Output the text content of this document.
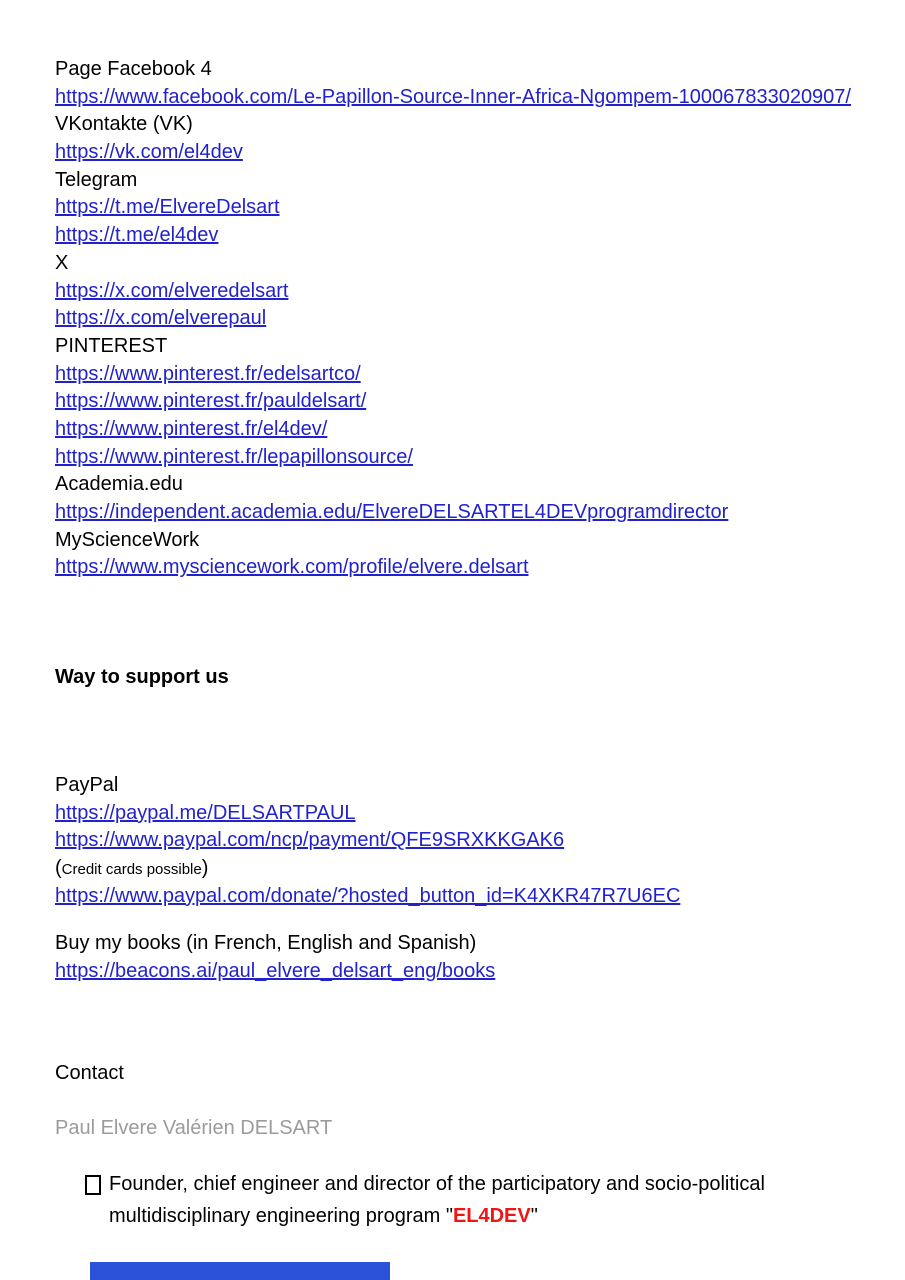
Page Facebook 4
https://www.facebook.com/Le-Papillon-Source-Inner-Africa-Ngompem-100067833020907/
VKontakte (VK)
https://vk.com/el4dev
Telegram
https://t.me/ElvereDelsart
https://t.me/el4dev
X
https://x.com/elveredelsart
https://x.com/elverepaul
PINTEREST
https://www.pinterest.fr/edelsartco/
https://www.pinterest.fr/pauldelsart/
https://www.pinterest.fr/el4dev/
https://www.pinterest.fr/lepapillonsource/
Academia.edu
https://independent.academia.edu/ElvereDELSARTEL4DEVprogramdirector
MyScienceWork
https://www.mysciencework.com/profile/elvere.delsart
Way to support us
PayPal
https://paypal.me/DELSARTPAUL
https://www.paypal.com/ncp/payment/QFE9SRXKKGAK6
(Credit cards possible)
https://www.paypal.com/donate/?hosted_button_id=K4XKR47R7U6EC
Buy my books (in French, English and Spanish)
https://beacons.ai/paul_elvere_delsart_eng/books
Contact
Paul Elvere Valérien DELSART
Founder, chief engineer and director of the participatory and socio-political multidisciplinary engineering program "EL4DEV"
